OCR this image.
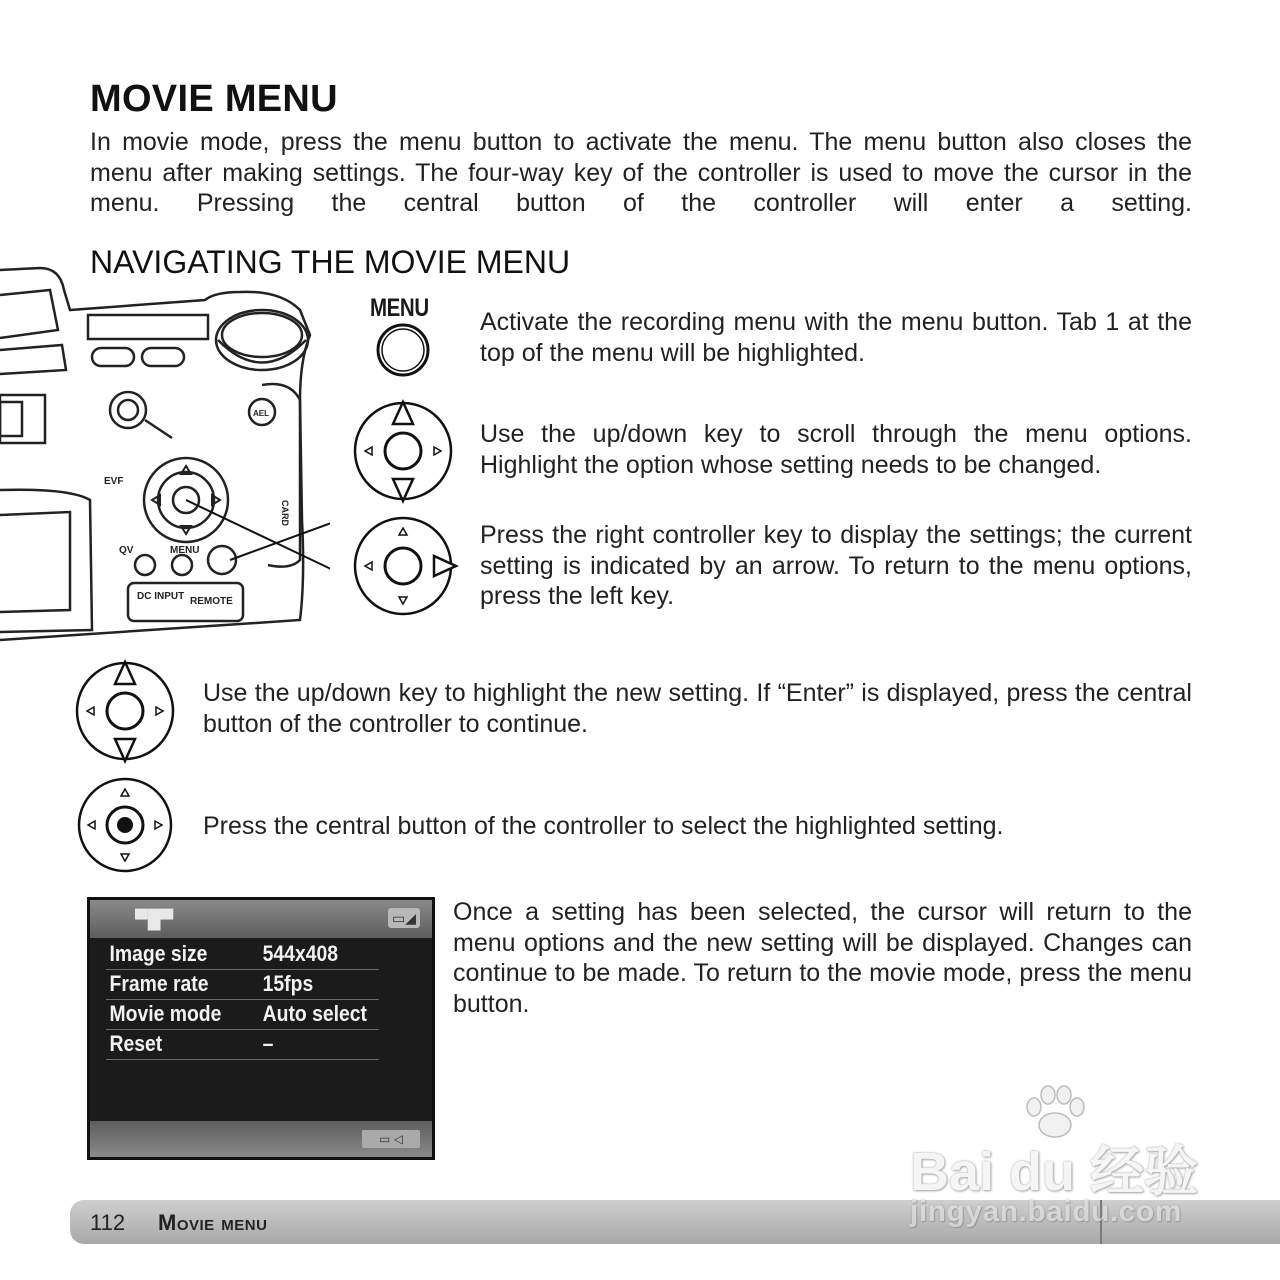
MOVIE MENU

In movie mode, press the menu button to activate the menu. The menu button also closes the menu after making settings. The four-way key of the controller is used to move the cursor in the menu. Pressing the central button of the controller will enter a setting.

NAVIGATING THE MOVIE MENU
EVF
QV	MENU
DC INPUT REMOTE
AEL
CARD
MENU Activate the recording menu with the menu button. Tab 1 at the top of the menu will be highlighted.

Use the up/down key to scroll through the menu options. Highlight the option whose setting needs to be changed.

Press the right controller key to display the settings; the current setting is indicated by an arrow. To return to the menu options, press the left key.

Use the up/down key to highlight the new setting. If “Enter” is displayed, press the central button of the controller to continue.

Press the central button of the controller to select the highlighted setting.

Once a setting has been selected, the cursor will return to the menu options and the new setting will be displayed. Changes can continue to be made. To return to the movie mode, press the menu button.

▀█▀	▭◢
Image size	544x408
Frame rate 15fps
Movie mode Auto select
Reset	–
▭ ◁
112 Movie menu
Bai du 经验
jingyan.baidu.com
